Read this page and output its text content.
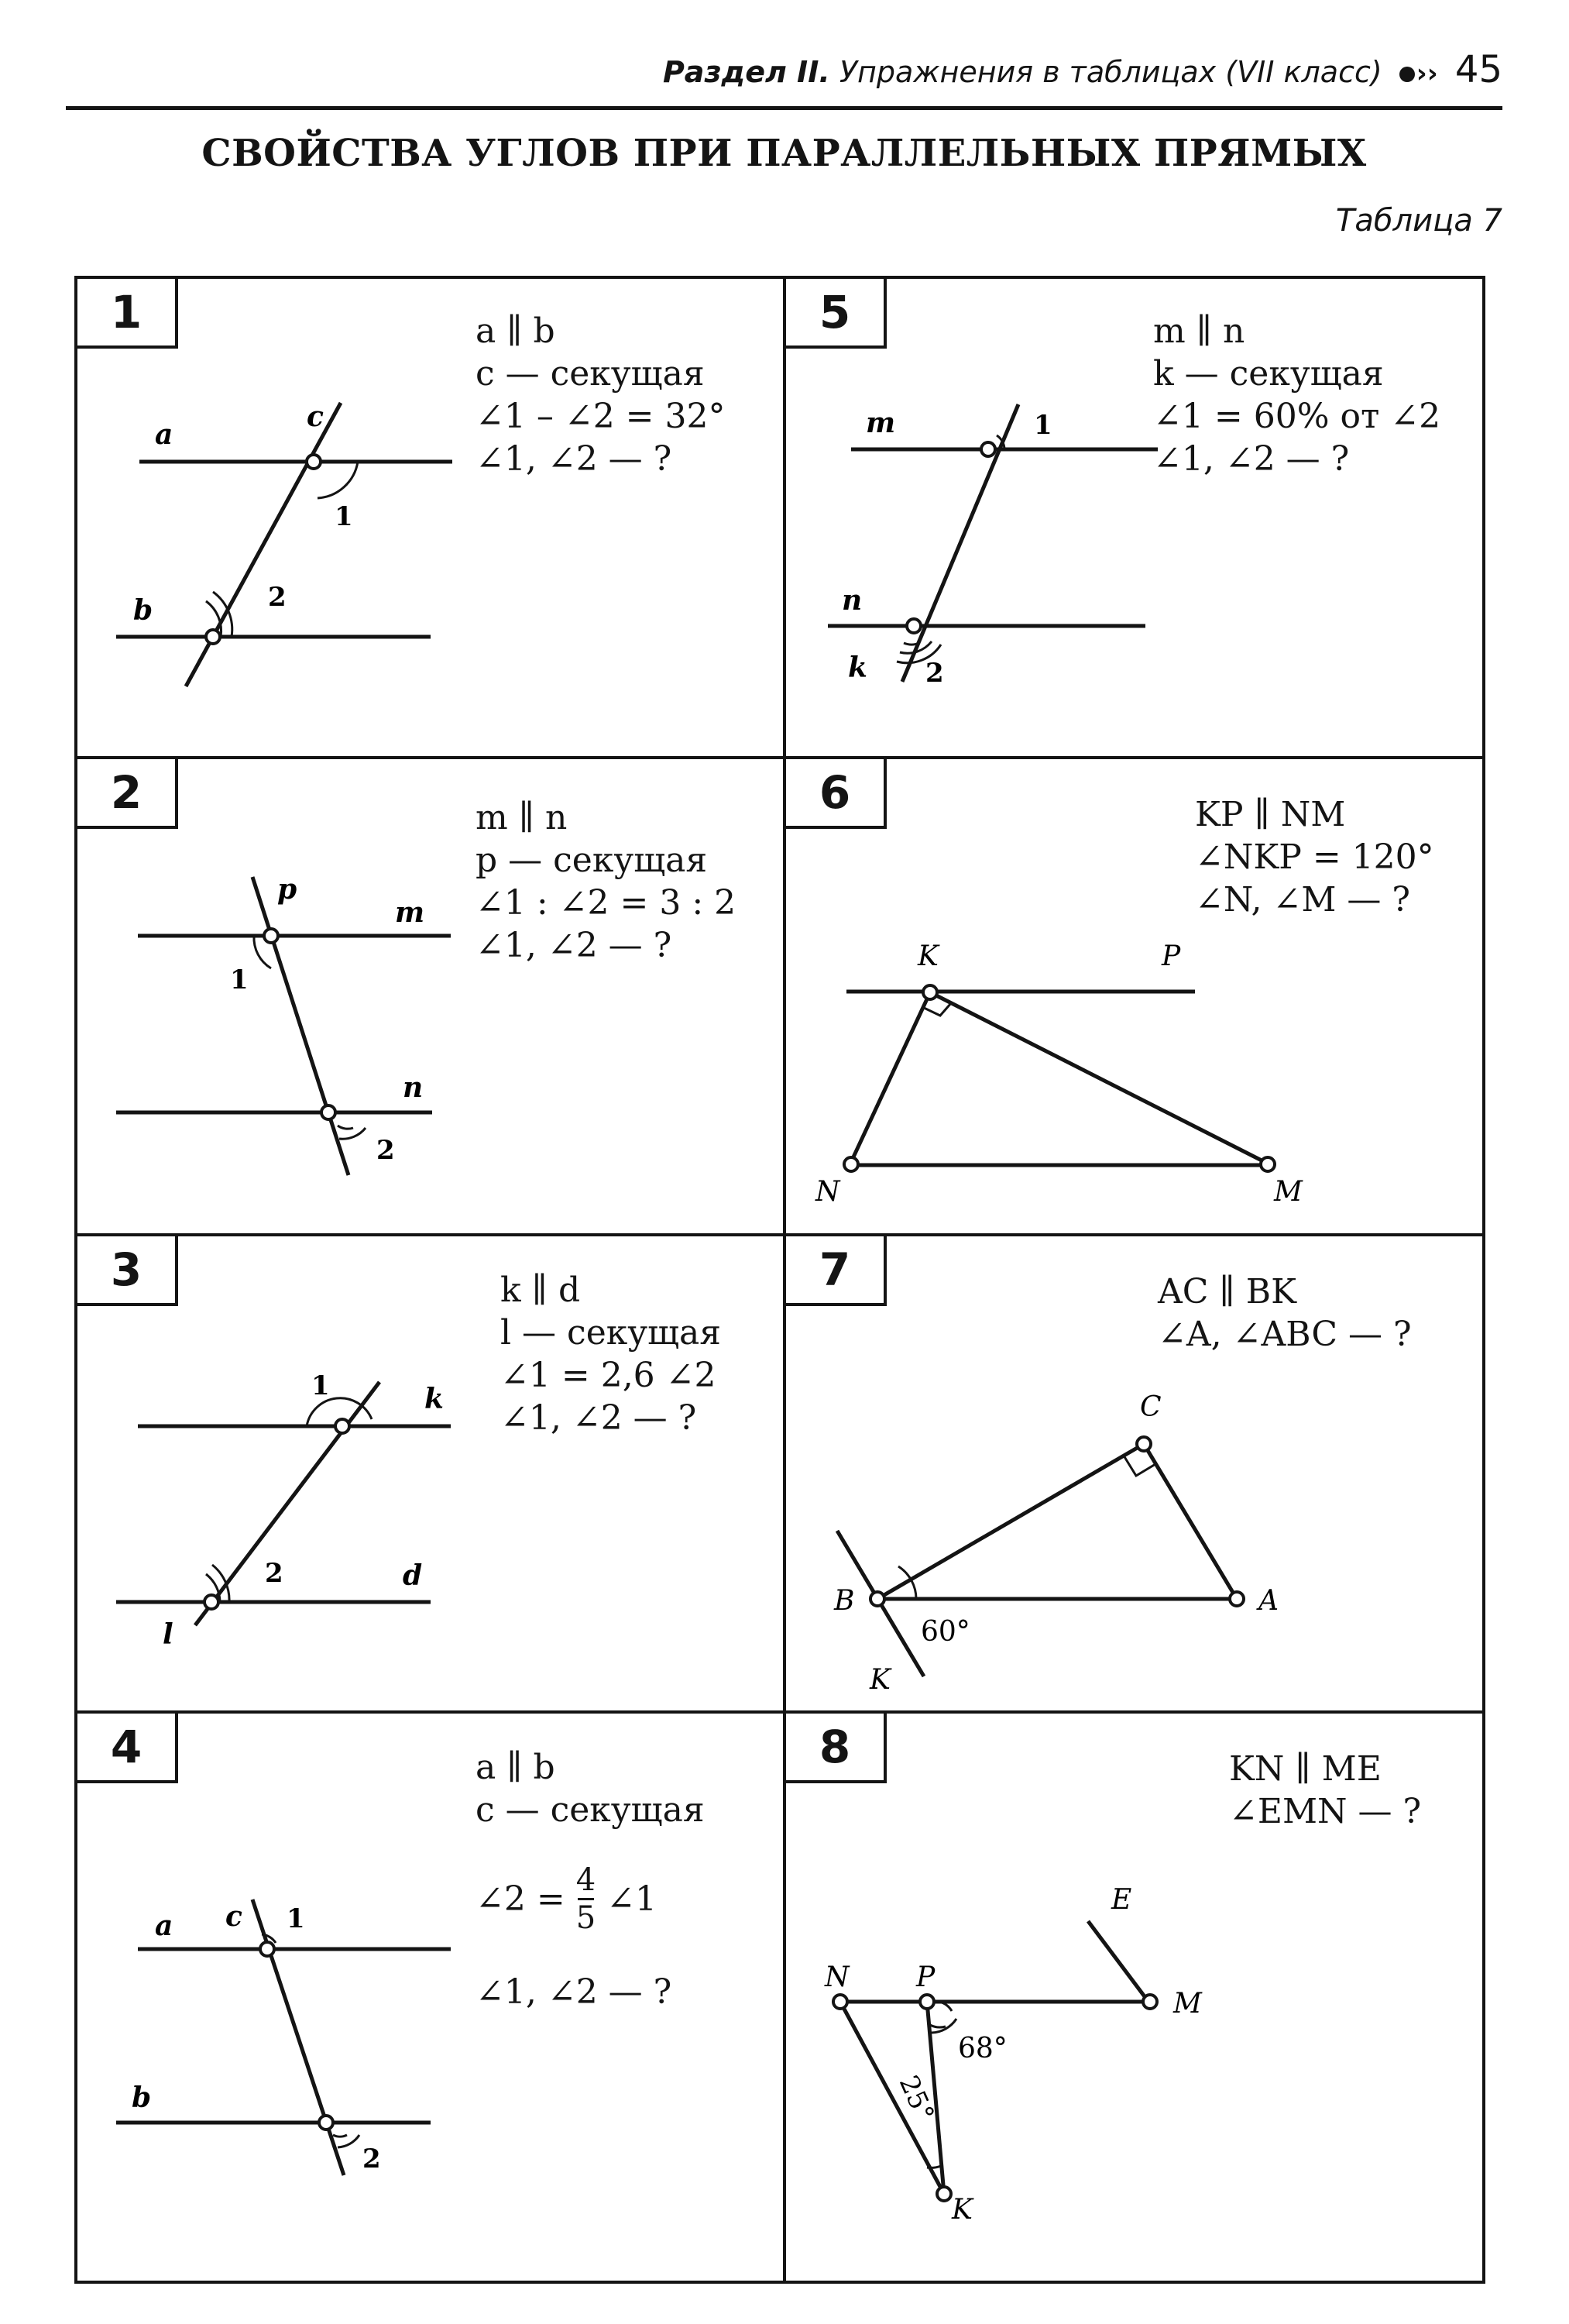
Раздел II. Упражнения в таблицах (VII класс) ›› 45
СВОЙСТВА УГЛОВ ПРИ ПАРАЛЛЕЛЬНЫХ ПРЯМЫХ
Таблица 7
1
a
b
c
1
2
a ∥ b
c — секущая
∠1 – ∠2 = 32°
∠1, ∠2 — ?
5
m
n
k
1
2
m ∥ n
k — секущая
∠1 = 60% от ∠2
∠1, ∠2 — ?
2
p
m
n
1
2
m ∥ n
p — секущая
∠1 : ∠2 = 3 : 2
∠1, ∠2 — ?
6
K	P
N	M
KP ∥ NM
∠NKP = 120°
∠N, ∠M — ?
3
1
2
k
d
l
k ∥ d
l — секущая
∠1 = 2,6 ∠2
∠1, ∠2 — ?
7
C
B	A
K
60°
AC ∥ BK
∠A, ∠ABC — ?
4
a
b
c 1
2
a ∥ b
c — секущая
∠2 = $\frac{4}{5}$ ∠1
∠1, ∠2 — ?
8
E
N P
M
K
68°
25°
KN ∥ ME
∠EMN — ?
